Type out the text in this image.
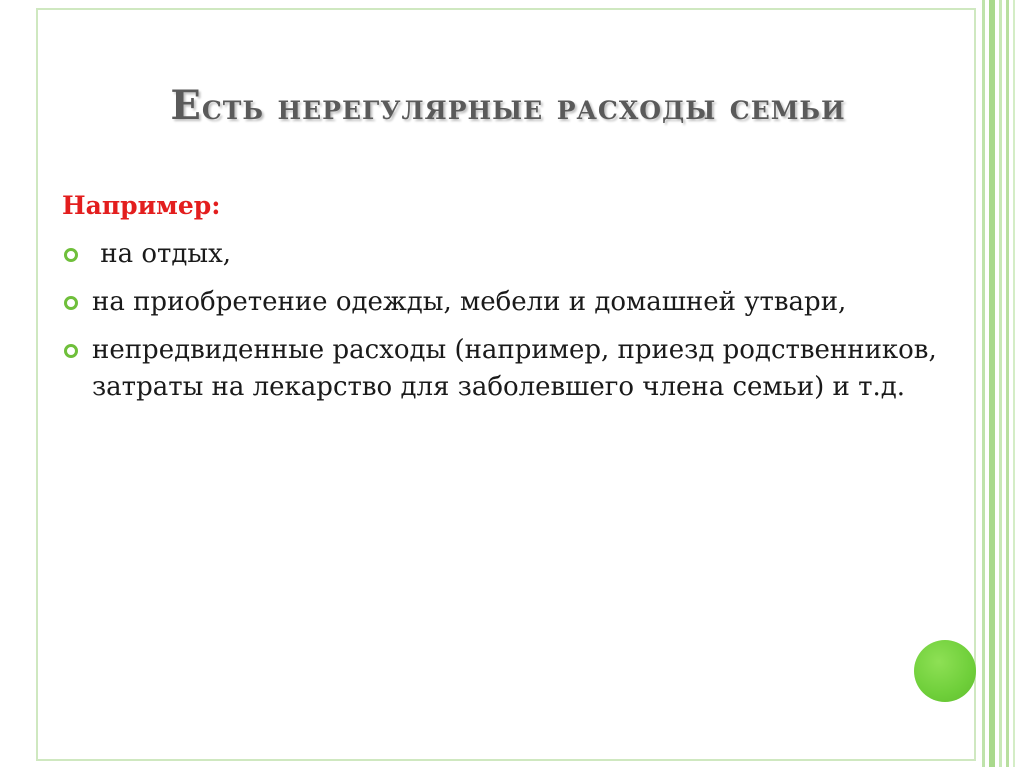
Есть нерегулярные расходы семьи

Например:

на отдых,
на приобретение одежды, мебели и домашней утвари,
непредвиденные расходы (например, приезд родственников, затраты на лекарство для заболевшего члена семьи) и т.д.
